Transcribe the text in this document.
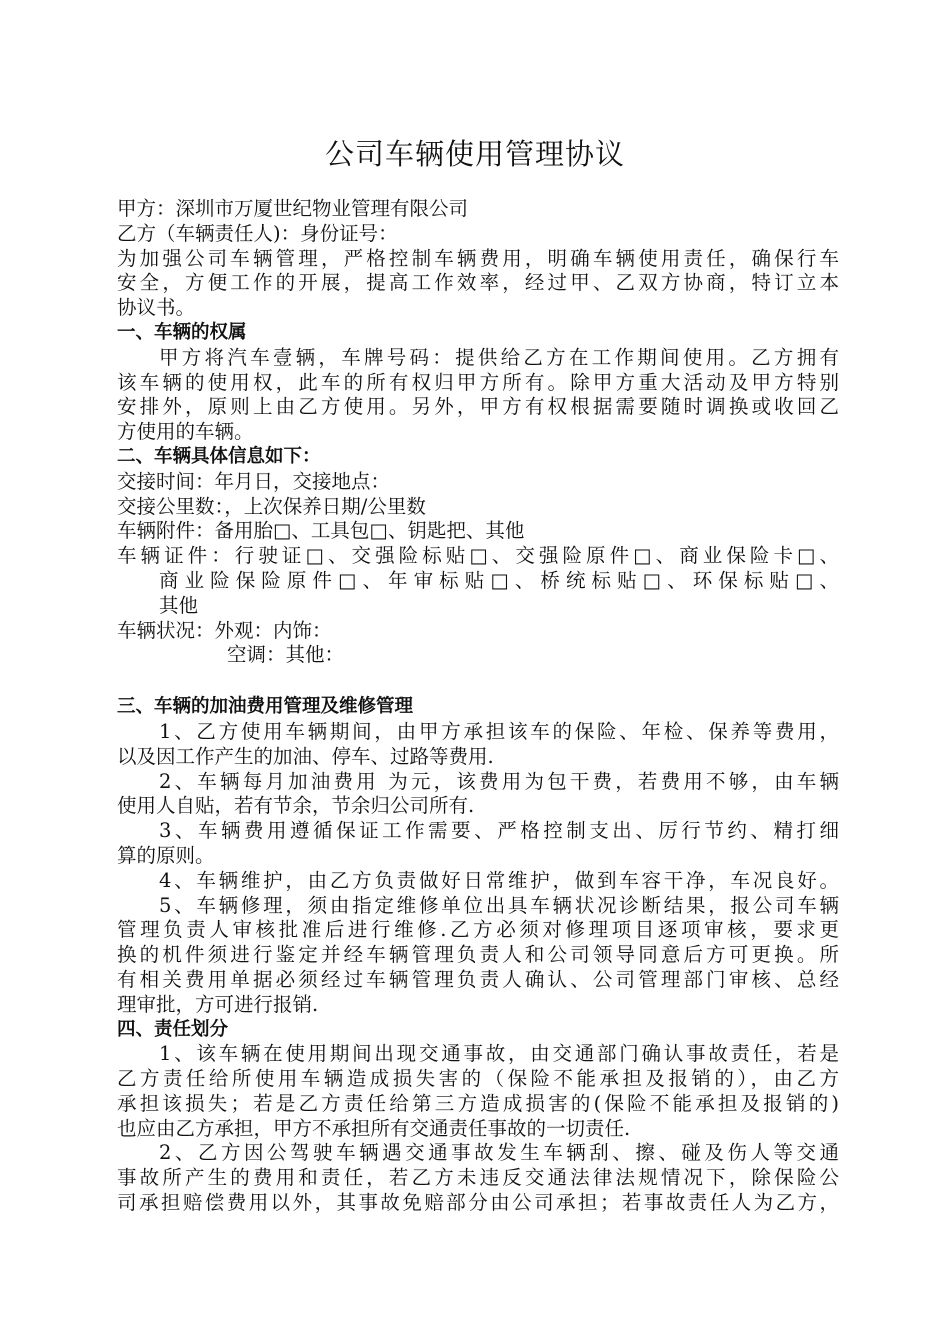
公司车辆使用管理协议

甲方：深圳市万厦世纪物业管理有限公司

乙方（车辆责任人)：身份证号：

为加强公司车辆管理，严格控制车辆费用，明确车辆使用责任，确保行车

安全，方便工作的开展，提高工作效率，经过甲、乙双方协商，特订立本

协议书。

一、车辆的权属

甲方将汽车壹辆，车牌号码：提供给乙方在工作期间使用。乙方拥有

该车辆的使用权，此车的所有权归甲方所有。除甲方重大活动及甲方特别

安排外，原则上由乙方使用。另外，甲方有权根据需要随时调换或收回乙

方使用的车辆。

二、车辆具体信息如下：

交接时间：年月日，交接地点：

交接公里数：，上次保养日期/公里数

车辆附件：备用胎□、工具包□、钥匙把、其他

车辆证件：行驶证□、交强险标贴□、交强险原件□、商业保险卡□、

商业险保险原件□、年审标贴□、桥统标贴□、环保标贴□、

其他

车辆状况：外观：内饰：

空调：其他：

三、车辆的加油费用管理及维修管理

1、乙方使用车辆期间，由甲方承担该车的保险、年检、保养等费用，

以及因工作产生的加油、停车、过路等费用.

2、车辆每月加油费用 为元，该费用为包干费，若费用不够，由车辆

使用人自贴，若有节余，节余归公司所有.

3、车辆费用遵循保证工作需要、严格控制支出、厉行节约、精打细

算的原则。

4、车辆维护，由乙方负责做好日常维护，做到车容干净，车况良好。

5、车辆修理，须由指定维修单位出具车辆状况诊断结果，报公司车辆

管理负责人审核批准后进行维修.乙方必须对修理项目逐项审核，要求更

换的机件须进行鉴定并经车辆管理负责人和公司领导同意后方可更换。所

有相关费用单据必须经过车辆管理负责人确认、公司管理部门审核、总经

理审批，方可进行报销.

四、责任划分

1、该车辆在使用期间出现交通事故，由交通部门确认事故责任，若是

乙方责任给所使用车辆造成损失害的（保险不能承担及报销的），由乙方

承担该损失；若是乙方责任给第三方造成损害的(保险不能承担及报销的)

也应由乙方承担，甲方不承担所有交通责任事故的一切责任.

2、乙方因公驾驶车辆遇交通事故发生车辆刮、擦、碰及伤人等交通

事故所产生的费用和责任，若乙方未违反交通法律法规情况下，除保险公

司承担赔偿费用以外，其事故免赔部分由公司承担；若事故责任人为乙方，
